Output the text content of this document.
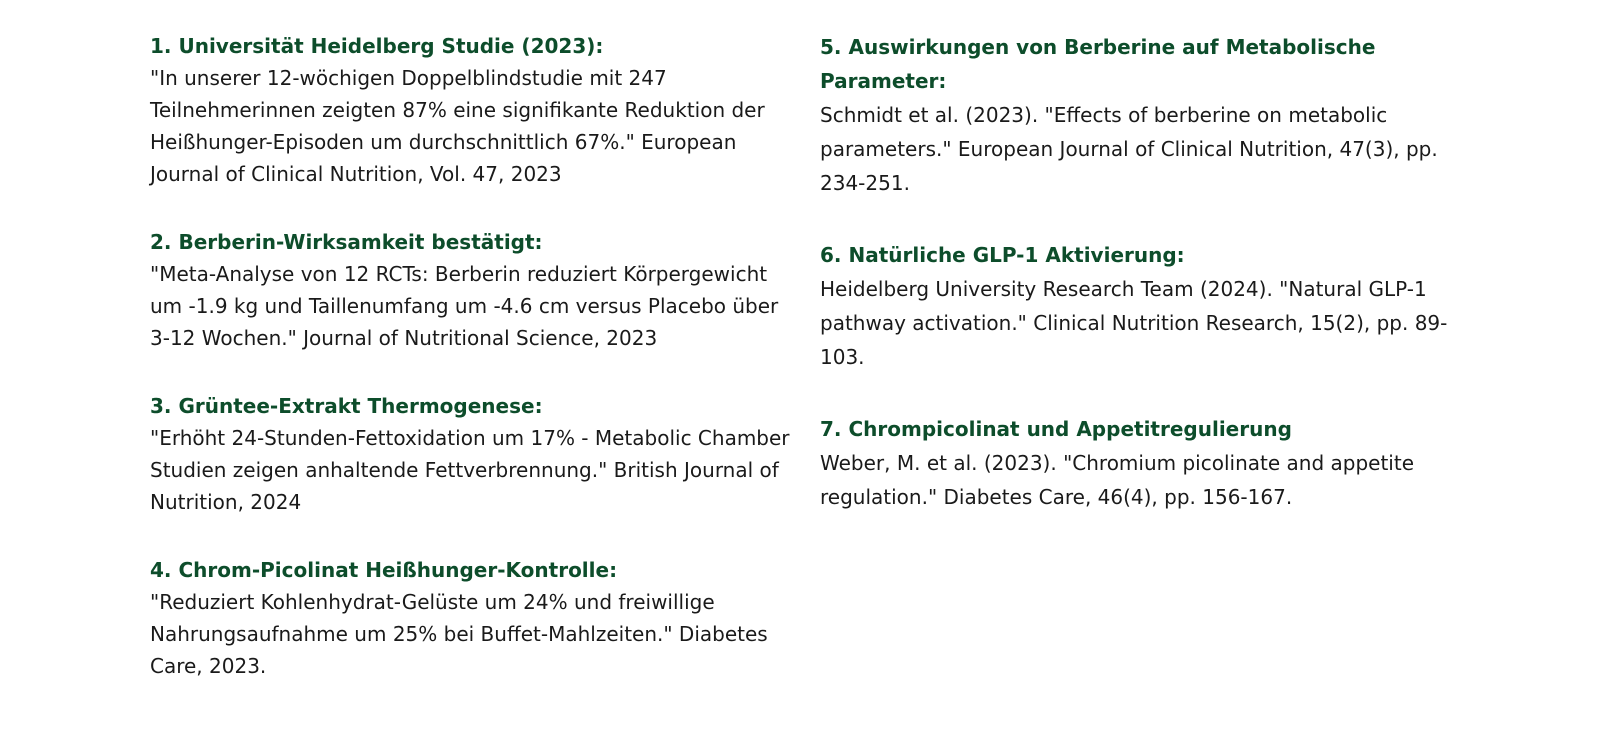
1. Universität Heidelberg Studie (2023):

"In unserer 12-wöchigen Doppelblindstudie mit 247 Teilnehmerinnen zeigten 87% eine signifikante Reduktion der Heißhunger-Episoden um durchschnittlich 67%." European Journal of Clinical Nutrition, Vol. 47, 2023

2. Berberin-Wirksamkeit bestätigt:

"Meta-Analyse von 12 RCTs: Berberin reduziert Körpergewicht um -1.9 kg und Taillenumfang um -4.6 cm versus Placebo über 3-12 Wochen." Journal of Nutritional Science, 2023

3. Grüntee-Extrakt Thermogenese:

"Erhöht 24-Stunden-Fettoxidation um 17% - Metabolic Chamber Studien zeigen anhaltende Fettverbrennung." British Journal of Nutrition, 2024

4. Chrom-Picolinat Heißhunger-Kontrolle:

"Reduziert Kohlenhydrat-Gelüste um 24% und freiwillige Nahrungsaufnahme um 25% bei Buffet-Mahlzeiten." Diabetes Care, 2023.

5. Auswirkungen von Berberine auf Metabolische Parameter:

Schmidt et al. (2023). "Effects of berberine on metabolic parameters." European Journal of Clinical Nutrition, 47(3), pp. 234-251.

6. Natürliche GLP-1 Aktivierung:

Heidelberg University Research Team (2024). "Natural GLP-1 pathway activation." Clinical Nutrition Research, 15(2), pp. 89-103.

7. Chrompicolinat und Appetitregulierung

Weber, M. et al. (2023). "Chromium picolinate and appetite regulation." Diabetes Care, 46(4), pp. 156-167.
